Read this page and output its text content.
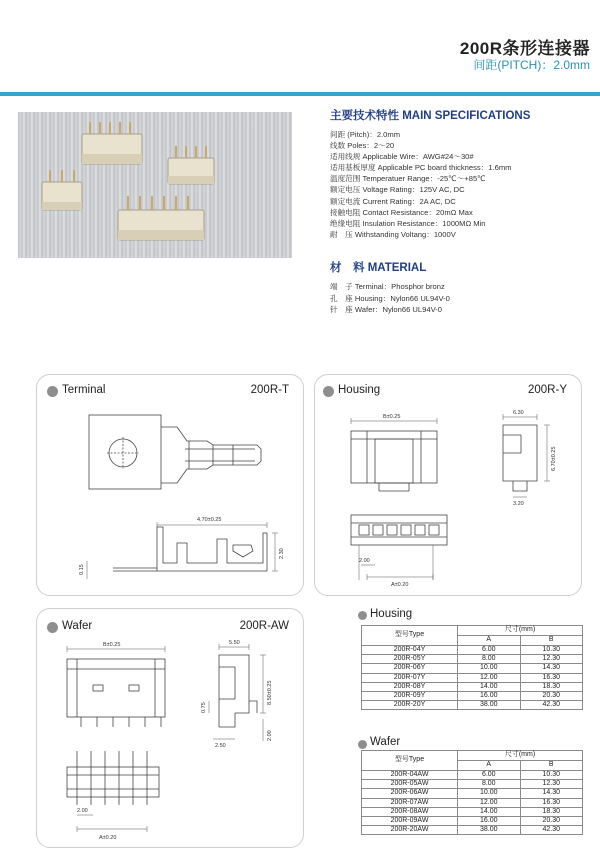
200R条形连接器
间距(PITCH)：2.0mm
主要技术特性 MAIN SPECIFICATIONS
间距 (Pitch)：2.0mm
线数 Poles：2～20
适用线规 Applicable Wire：AWG#24～30#
适用基板厚度 Applicable PC board thickness：1.6mm
温度范围 Temperatuer Range：-25℃～+85℃
额定电压 Voltage Rating：125V AC, DC
额定电流 Current Rating：2A AC, DC
接触电阻 Contact Resistance：20mΩ Max
绝缘电阻 Insulation Resistance：1000MΩ Min
耐　压 Withstanding Voltang：1000V
材　料 MATERIAL
端　子 Terminal：Phosphor bronz
孔　座 Housing：Nylon66 UL94V-0
针　座 Wafer：Nylon66 UL94V-0
Terminal	200R-T
4.70±0.25
0.15
2.30
Housing	200R-Y
B±0.25
6.30
6.70±0.25
3.20
2.00
A±0.20
Wafer	200R-AW
B±0.25	5.50
0.75
8.50±0.25
2.50
2.00
2.00
A±0.20
Housing
型号Type	尺寸(mm)	
	A	B
200R-04Y	6.00	10.30
200R-05Y	8.00	12.30
200R-06Y	10.00	14.30
200R-07Y	12.00	16.30
200R-08Y	14.00	18.30
200R-09Y	16.00	20.30
200R-20Y	38.00	42.30
Wafer
型号Type	尺寸(mm)	
	A	B
200R-04AW	6.00	10.30
200R-05AW	8.00	12.30
200R-06AW	10.00	14.30
200R-07AW	12.00	16.30
200R-08AW	14.00	18.30
200R-09AW	16.00	20.30
200R-20AW	38.00	42.30
